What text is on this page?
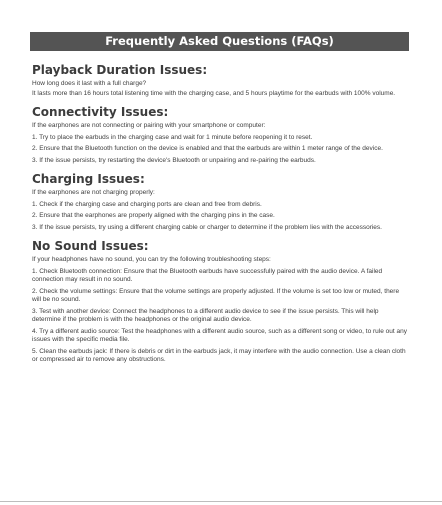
Frequently Asked Questions (FAQs)
Playback Duration Issues:

How long does it last with a full charge?

It lasts more than 16 hours total listening time with the charging case, and 5 hours playtime for the earbuds with 100% volume.

Connectivity Issues:

If the earphones are not connecting or pairing with your smartphone or computer:

1. Try to place the earbuds in the charging case and wait for 1 minute before reopening it to reset.

2. Ensure that the Bluetooth function on the device is enabled and that the earbuds are within 1 meter range of the device.

3. If the issue persists, try restarting the device's Bluetooth or unpairing and re-pairing the earbuds.

Charging Issues:

If the earphones are not charging properly:

1. Check if the charging case and charging ports are clean and free from debris.

2. Ensure that the earphones are properly aligned with the charging pins in the case.

3. If the issue persists, try using a different charging cable or charger to determine if the problem lies with the accessories.

No Sound Issues:

If your headphones have no sound, you can try the following troubleshooting steps:

1. Check Bluetooth connection: Ensure that the Bluetooth earbuds have successfully paired with the audio device. A failed connection may result in no sound.

2. Check the volume settings: Ensure that the volume settings are properly adjusted. If the volume is set too low or muted, there will be no sound.

3. Test with another device: Connect the headphones to a different audio device to see if the issue persists. This will help determine if the problem is with the headphones or the original audio device.

4. Try a different audio source: Test the headphones with a different audio source, such as a different song or video, to rule out any issues with the specific media file.

5. Clean the earbuds jack: If there is debris or dirt in the earbuds jack, it may interfere with the audio connection. Use a clean cloth or compressed air to remove any obstructions.
